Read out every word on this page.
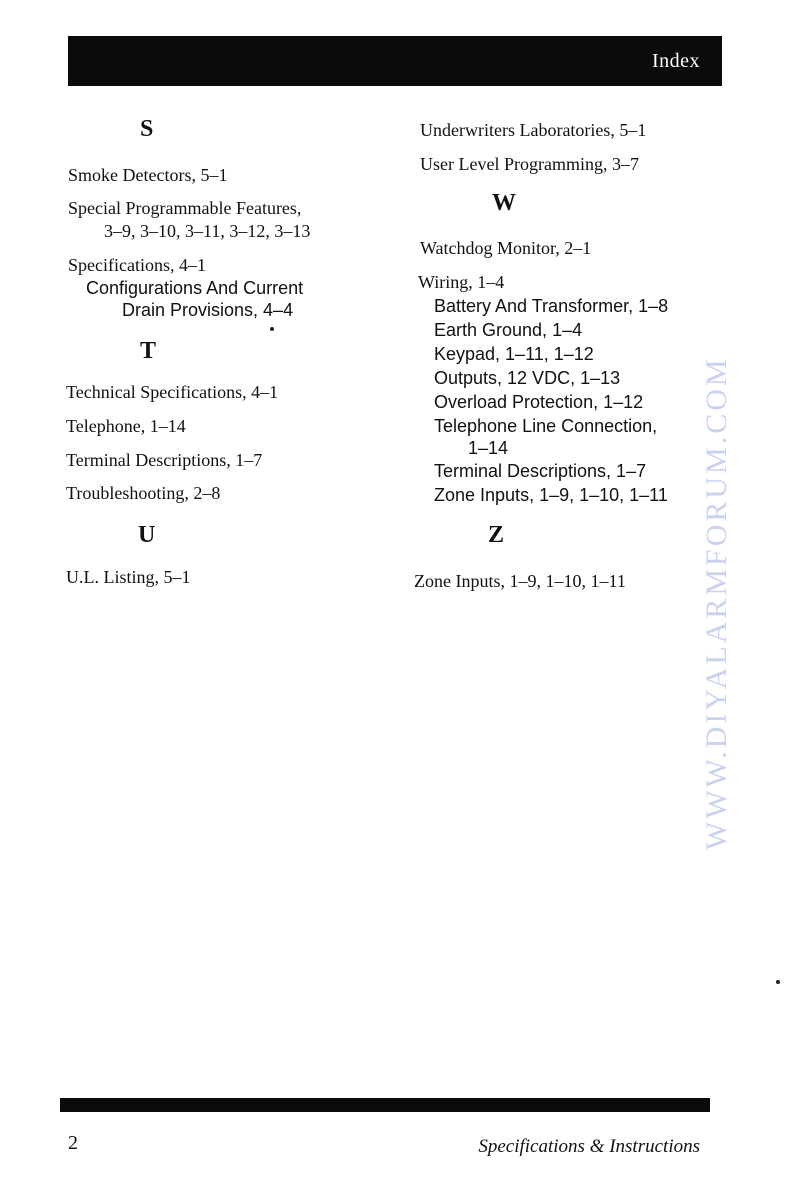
Index
S
Smoke Detectors, 5–1
Special Programmable Features,
3–9, 3–10, 3–11, 3–12, 3–13
Specifications, 4–1
Configurations And Current
Drain Provisions, 4–4
T
Technical Specifications, 4–1
Telephone, 1–14
Terminal Descriptions, 1–7
Troubleshooting, 2–8
U
U.L. Listing, 5–1
Underwriters Laboratories, 5–1
User Level Programming, 3–7
W
Watchdog Monitor, 2–1
Wiring, 1–4
Battery And Transformer, 1–8
Earth Ground, 1–4
Keypad, 1–11, 1–12
Outputs, 12 VDC, 1–13
Overload Protection, 1–12
Telephone Line Connection,
1–14
Terminal Descriptions, 1–7
Zone Inputs, 1–9, 1–10, 1–11
Z
Zone Inputs, 1–9, 1–10, 1–11 WWW.DIYALARMFORUM.COM
2	Specifications & Instructions
